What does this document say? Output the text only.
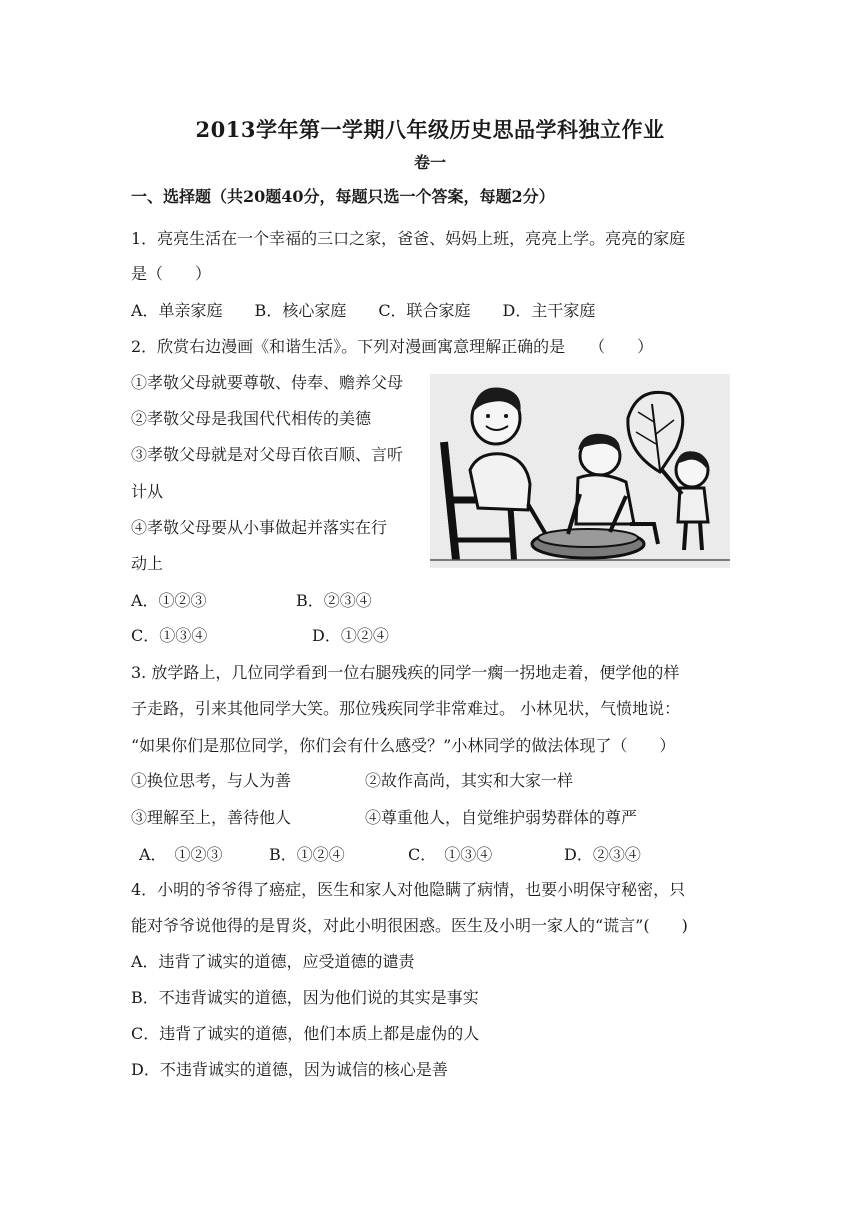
2013学年第一学期八年级历史思品学科独立作业
卷一
一、选择题（共20题40分，每题只选一个答案，每题2分）
1．亮亮生活在一个幸福的三口之家，爸爸、妈妈上班，亮亮上学。亮亮的家庭
是（　　）
A．单亲家庭　　B．核心家庭　　C．联合家庭　　D．主干家庭
2．欣赏右边漫画《和谐生活》。下列对漫画寓意理解正确的是　　（　　）
①孝敬父母就要尊敬、侍奉、赡养父母
②孝敬父母是我国代代相传的美德
③孝敬父母就是对父母百依百顺、言听
计从
④孝敬父母要从小事做起并落实在行
动上
A．①②③	B．②③④
C．①③④	D．①②④
3. 放学路上，几位同学看到一位右腿残疾的同学一瘸一拐地走着，便学他的样
子走路，引来其他同学大笑。那位残疾同学非常难过。 小林见状，气愤地说：
“如果你们是那位同学，你们会有什么感受？”小林同学的做法体现了（　　）
①换位思考，与人为善	②故作高尚，其实和大家一样
③理解至上，善待他人	④尊重他人，自觉维护弱势群体的尊严
A．　①②③	B．①②④	C．　①③④	D．②③④
4．小明的爷爷得了癌症，医生和家人对他隐瞒了病情，也要小明保守秘密，只
能对爷爷说他得的是胃炎，对此小明很困惑。医生及小明一家人的“谎言”(　　)
A．违背了诚实的道德，应受道德的谴责
B．不违背诚实的道德，因为他们说的其实是事实
C．违背了诚实的道德，他们本质上都是虚伪的人
D．不违背诚实的道德，因为诚信的核心是善
